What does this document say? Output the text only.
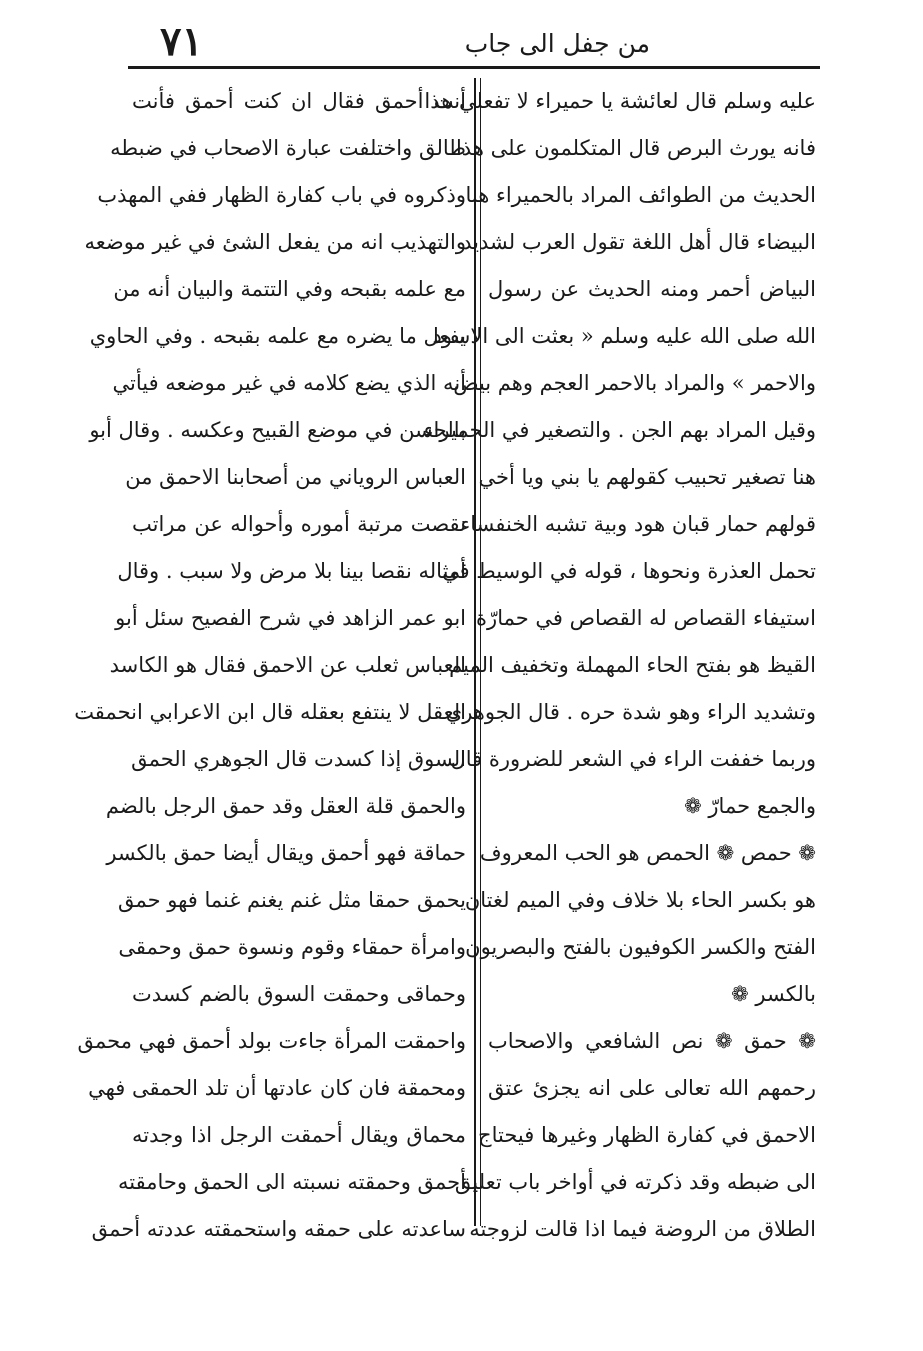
٧١	من جفل الى جاب
عليه وسلم قال لعائشة يا حميراء لا تفعلي هذا
فانه يورث البرص قال المتكلمون على هذا
الحديث من الطوائف المراد بالحميراء هنا
البيضاء قال أهل اللغة تقول العرب لشديد
البياض أحمر ومنه الحديث عن رسول
الله صلى الله عليه وسلم « بعثت الى الاسود
والاحمر » والمراد بالاحمر العجم وهم بيض
وقيل المراد بهم الجن . والتصغير في الحميراء
هنا تصغير تحبيب كقولهم يا بني ويا أخي
قولهم حمار قبان هود وبية تشبه الخنفساء
تحمل العذرة ونحوها ، قوله في الوسيط في
استيفاء القصاص له القصاص في حمارّة
القيظ هو بفتح الحاء المهملة وتخفيف الميم
وتشديد الراء وهو شدة حره . قال الجوهري
وربما خففت الراء في الشعر للضرورة قال
والجمع حمارّ ❁
❁ حمص ❁ الحمص هو الحب المعروف
هو بكسر الحاء بلا خلاف وفي الميم لغتان
الفتح والكسر الكوفيون بالفتح والبصريون
بالكسر ❁
❁ حمق ❁ نص الشافعي والاصحاب
رحمهم الله تعالى على انه يجزئ عتق
الاحمق في كفارة الظهار وغيرها فيحتاج
الى ضبطه وقد ذكرته في أواخر باب تعليق
الطلاق من الروضة فيما اذا قالت لزوجته
أنت أحمق فقال ان كنت أحمق فأنت
طالق واختلفت عبارة الاصحاب في ضبطه
وذكروه في باب كفارة الظهار ففي المهذب
والتهذيب انه من يفعل الشئ في غير موضعه
مع علمه بقبحه وفي التتمة والبيان أنه من
يفعل ما يضره مع علمه بقبحه . وفي الحاوي
أنه الذي يضع كلامه في غير موضعه فيأتي
بالحسن في موضع القبيح وعكسه . وقال أبو
العباس الروياني من أصحابنا الاحمق من
نقصت مرتبة أموره وأحواله عن مراتب
أمثاله نقصا بينا بلا مرض ولا سبب . وقال
ابو عمر الزاهد في شرح الفصيح سئل أبو
العباس ثعلب عن الاحمق فقال هو الكاسد
العقل لا ينتفع بعقله قال ابن الاعرابي انحمقت
السوق إذا كسدت قال الجوهري الحمق
والحمق قلة العقل وقد حمق الرجل بالضم
حماقة فهو أحمق ويقال أيضا حمق بالكسر
يحمق حمقا مثل غنم يغنم غنما فهو حمق
وامرأة حمقاء وقوم ونسوة حمق وحمقى
وحماقى وحمقت السوق بالضم كسدت
واحمقت المرأة جاءت بولد أحمق فهي محمق
ومحمقة فان كان عادتها أن تلد الحمقى فهي
محماق ويقال أحمقت الرجل اذا وجدته
أحمق وحمقته نسبته الى الحمق وحامقته
ساعدته على حمقه واستحمقته عددته أحمق
